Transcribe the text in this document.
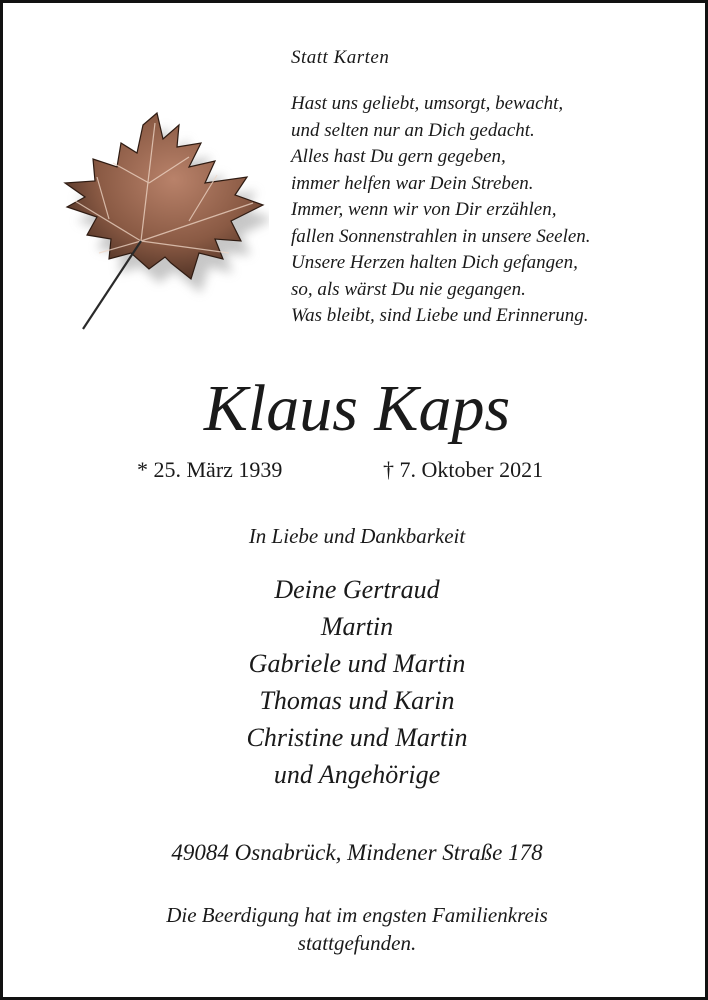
Statt Karten
Hast uns geliebt, umsorgt, bewacht,
und selten nur an Dich gedacht.
Alles hast Du gern gegeben,
immer helfen war Dein Streben.
Immer, wenn wir von Dir erzählen,
fallen Sonnenstrahlen in unsere Seelen.
Unsere Herzen halten Dich gefangen,
so, als wärst Du nie gegangen.
Was bleibt, sind Liebe und Erinnerung.
Klaus Kaps
* 25. März 1939	† 7. Oktober 2021
In Liebe und Dankbarkeit
Deine Gertraud
Martin
Gabriele und Martin
Thomas und Karin
Christine und Martin
und Angehörige
49084 Osnabrück, Mindener Straße 178
Die Beerdigung hat im engsten Familienkreis
stattgefunden.
